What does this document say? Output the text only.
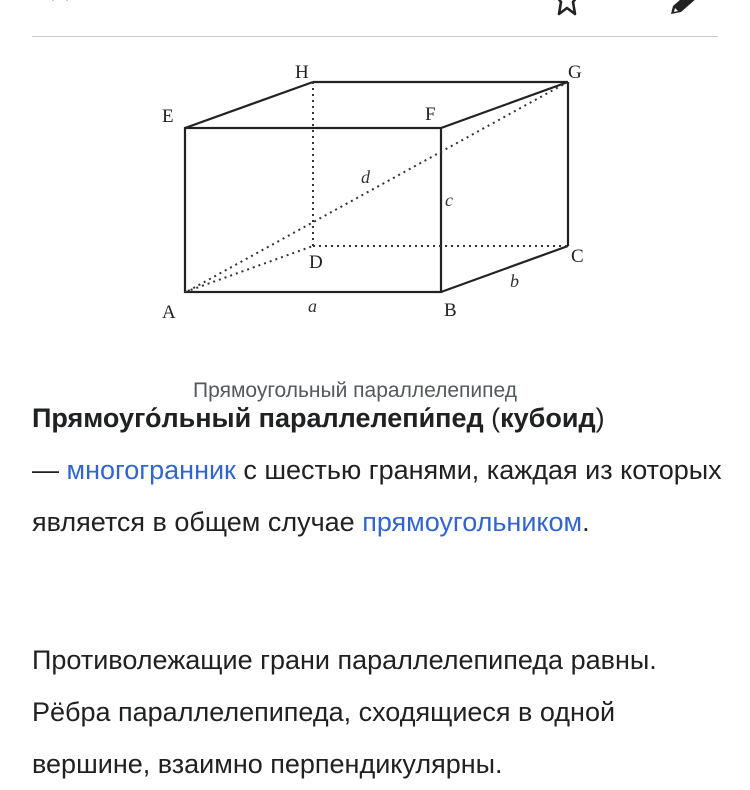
A	B
C
D
E	F
G
H
a
b
c
d
Прямоугольный параллелепипед
Прямоуго́льный параллелепи́пед (кубоид)
— многогранник с шестью гранями, каждая из которых является в общем случае прямоугольником.
Противолежащие грани параллелепипеда равны. Рёбра параллелепипеда, сходящиеся в одной вершине, взаимно перпендикулярны.
